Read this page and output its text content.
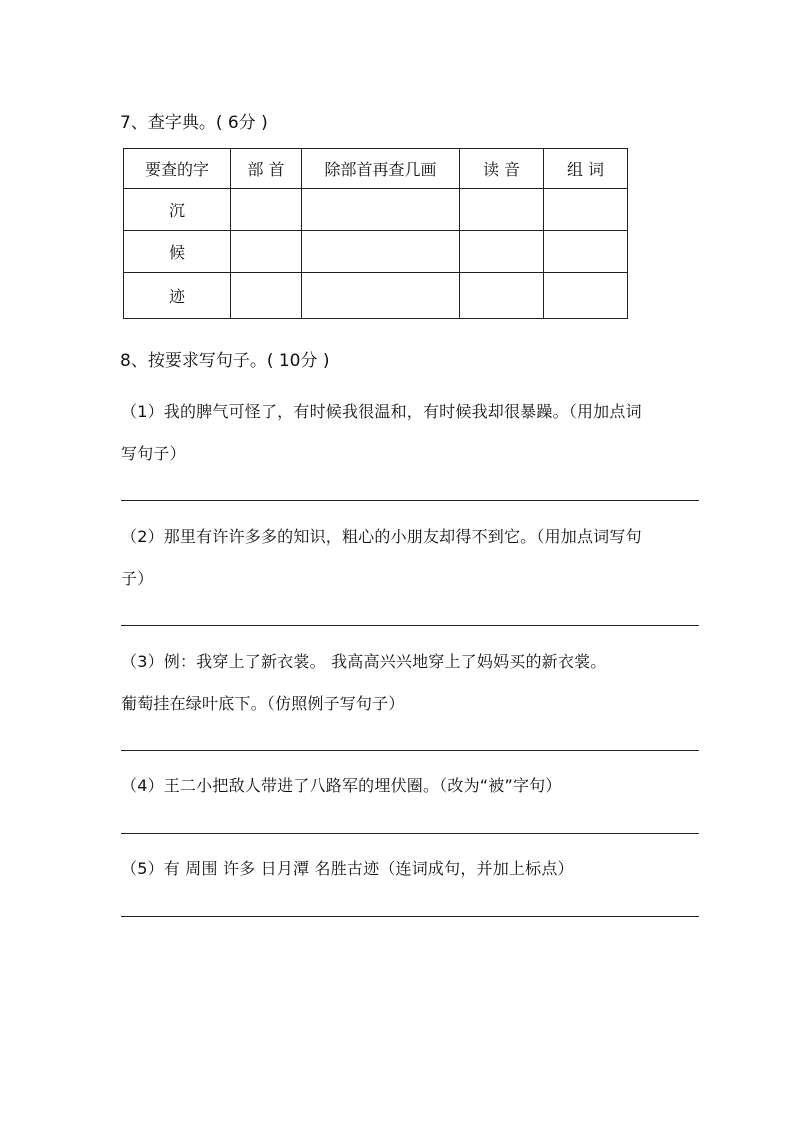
7、查字典。( 6分 )
要查的字	部 首	除部首再查几画	读 音	组 词
沉				
候				
迹				
8、按要求写句子。( 10分 )
（1）我的脾气可怪了，有时候我很温和，有时候我却很暴躁。（用加点词
写句子）
（2）那里有许许多多的知识，粗心的小朋友却得不到它。（用加点词写句
子）
（3）例：我穿上了新衣裳。 我高高兴兴地穿上了妈妈买的新衣裳。
葡萄挂在绿叶底下。（仿照例子写句子）
（4）王二小把敌人带进了八路军的埋伏圈。（改为“被”字句）
（5）有 周围 许多 日月潭 名胜古迹（连词成句，并加上标点）
